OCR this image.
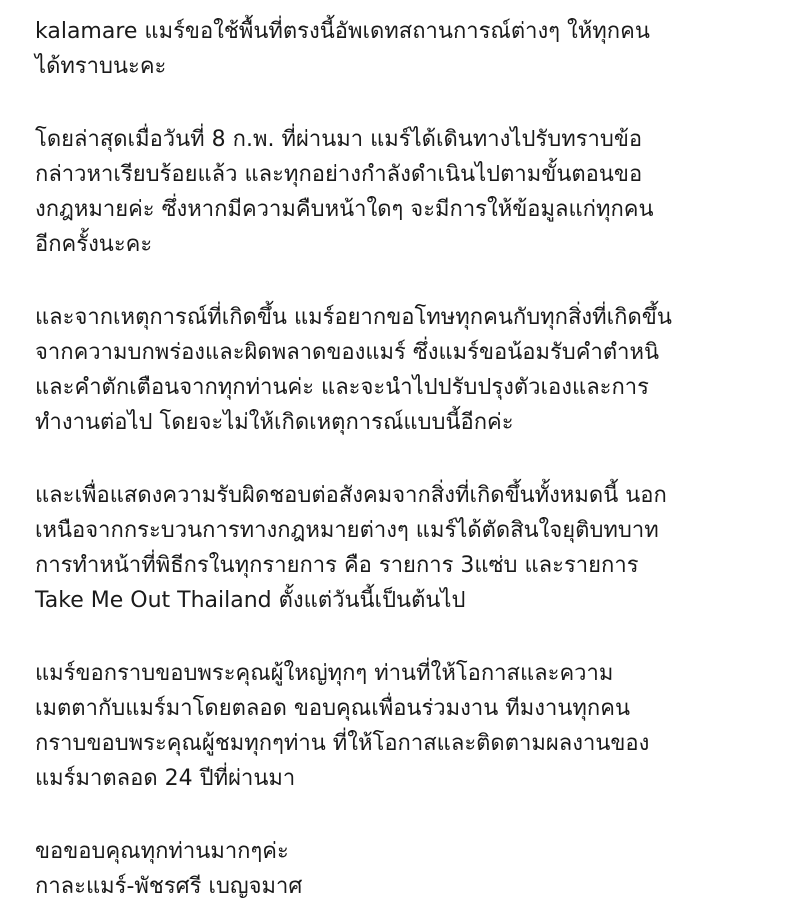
kalamare แมร์ขอใช้พื้นที่ตรงนี้อัพเดทสถานการณ์ต่างๆ ให้ทุกคน
ได้ทราบนะคะ
โดยล่าสุดเมื่อวันที่ 8 ก.พ. ที่ผ่านมา แมร์ได้เดินทางไปรับทราบข้อ
กล่าวหาเรียบร้อยแล้ว และทุกอย่างกำลังดำเนินไปตามขั้นตอนขอ
งกฎหมายค่ะ ซึ่งหากมีความคืบหน้าใดๆ จะมีการให้ข้อมูลแก่ทุกคน
อีกครั้งนะคะ
และจากเหตุการณ์ที่เกิดขึ้น แมร์อยากขอโทษทุกคนกับทุกสิ่งที่เกิดขึ้น
จากความบกพร่องและผิดพลาดของแมร์ ซึ่งแมร์ขอน้อมรับคำตำหนิ
และคำตักเตือนจากทุกท่านค่ะ และจะนำไปปรับปรุงตัวเองและการ
ทำงานต่อไป โดยจะไม่ให้เกิดเหตุการณ์แบบนี้อีกค่ะ
และเพื่อแสดงความรับผิดชอบต่อสังคมจากสิ่งที่เกิดขึ้นทั้งหมดนี้ นอก
เหนือจากกระบวนการทางกฎหมายต่างๆ แมร์ได้ตัดสินใจยุติบทบาท
การทำหน้าที่พิธีกรในทุกรายการ คือ รายการ 3แซ่บ และรายการ
Take Me Out Thailand ตั้งแต่วันนี้เป็นต้นไป
แมร์ขอกราบขอบพระคุณผู้ใหญ่ทุกๆ ท่านที่ให้โอกาสและความ
เมตตากับแมร์มาโดยตลอด ขอบคุณเพื่อนร่วมงาน ทีมงานทุกคน
กราบขอบพระคุณผู้ชมทุกๆท่าน ที่ให้โอกาสและติดตามผลงานของ
แมร์มาตลอด 24 ปีที่ผ่านมา
ขอขอบคุณทุกท่านมากๆค่ะ
กาละแมร์-พัชรศรี เบญจมาศ
